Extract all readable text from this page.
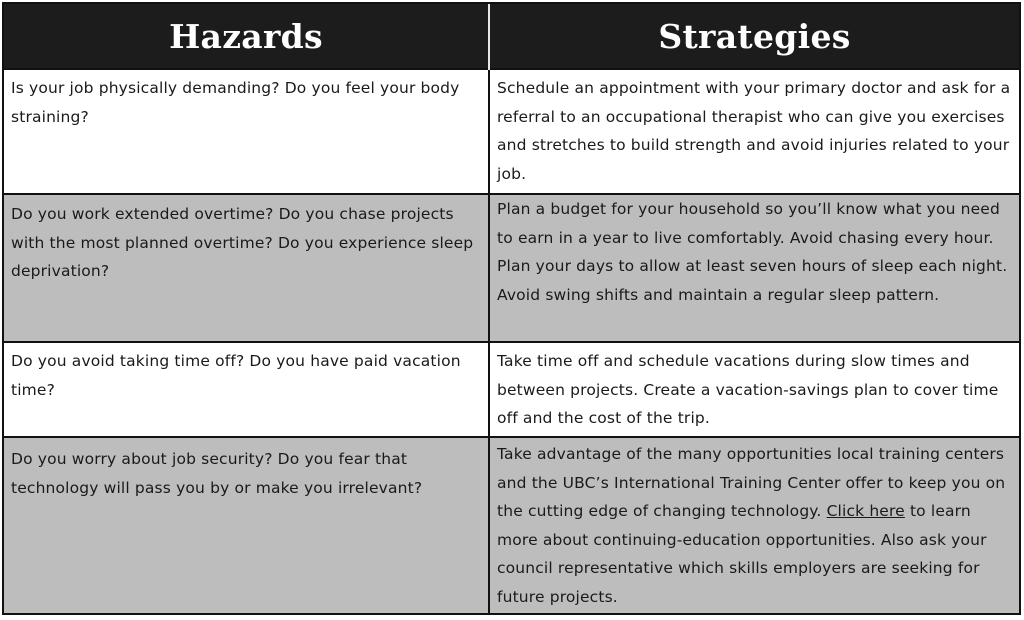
Hazards	Strategies
Is your job physically demanding? Do you feel your body straining?	Schedule an appointment with your primary doctor and ask for a referral to an occupational therapist who can give you exercises and stretches to build strength and avoid injuries related to your job.
Do you work extended overtime? Do you chase projects with the most planned overtime? Do you experience sleep deprivation?	Plan a budget for your household so you’ll know what you need to earn in a year to live comfortably. Avoid chasing every hour. Plan your days to allow at least seven hours of sleep each night. Avoid swing shifts and maintain a regular sleep pattern.
Do you avoid taking time off? Do you have paid vacation time?	Take time off and schedule vacations during slow times and between projects. Create a vacation-savings plan to cover time off and the cost of the trip.
Do you worry about job security? Do you fear that technology will pass you by or make you irrelevant?	Take advantage of the many opportunities local training centers and the UBC’s International Training Center offer to keep you on the cutting edge of changing technology. Click here to learn more about continuing-education opportunities. Also ask your council representative which skills employers are seeking for future projects.
